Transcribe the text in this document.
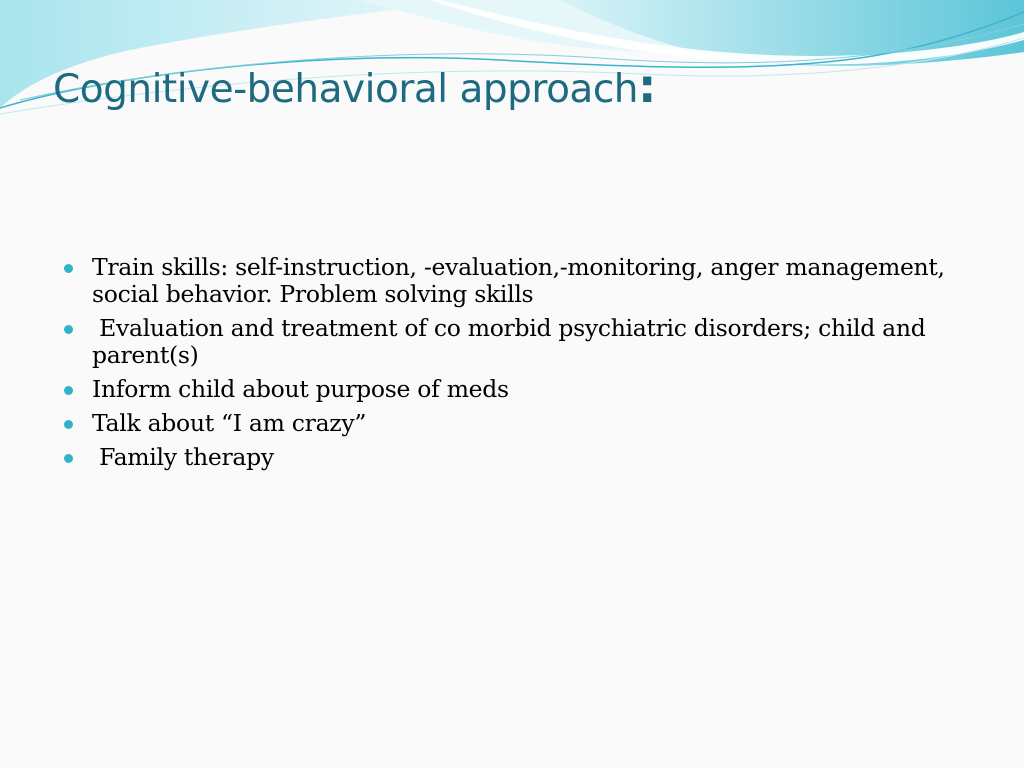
Cognitive-behavioral approach:
Train skills: self-instruction, -evaluation,-monitoring, anger management, social behavior. Problem solving skills
Evaluation and treatment of co morbid psychiatric disorders; child and parent(s)
Inform child about purpose of meds
Talk about “I am crazy”
Family therapy
